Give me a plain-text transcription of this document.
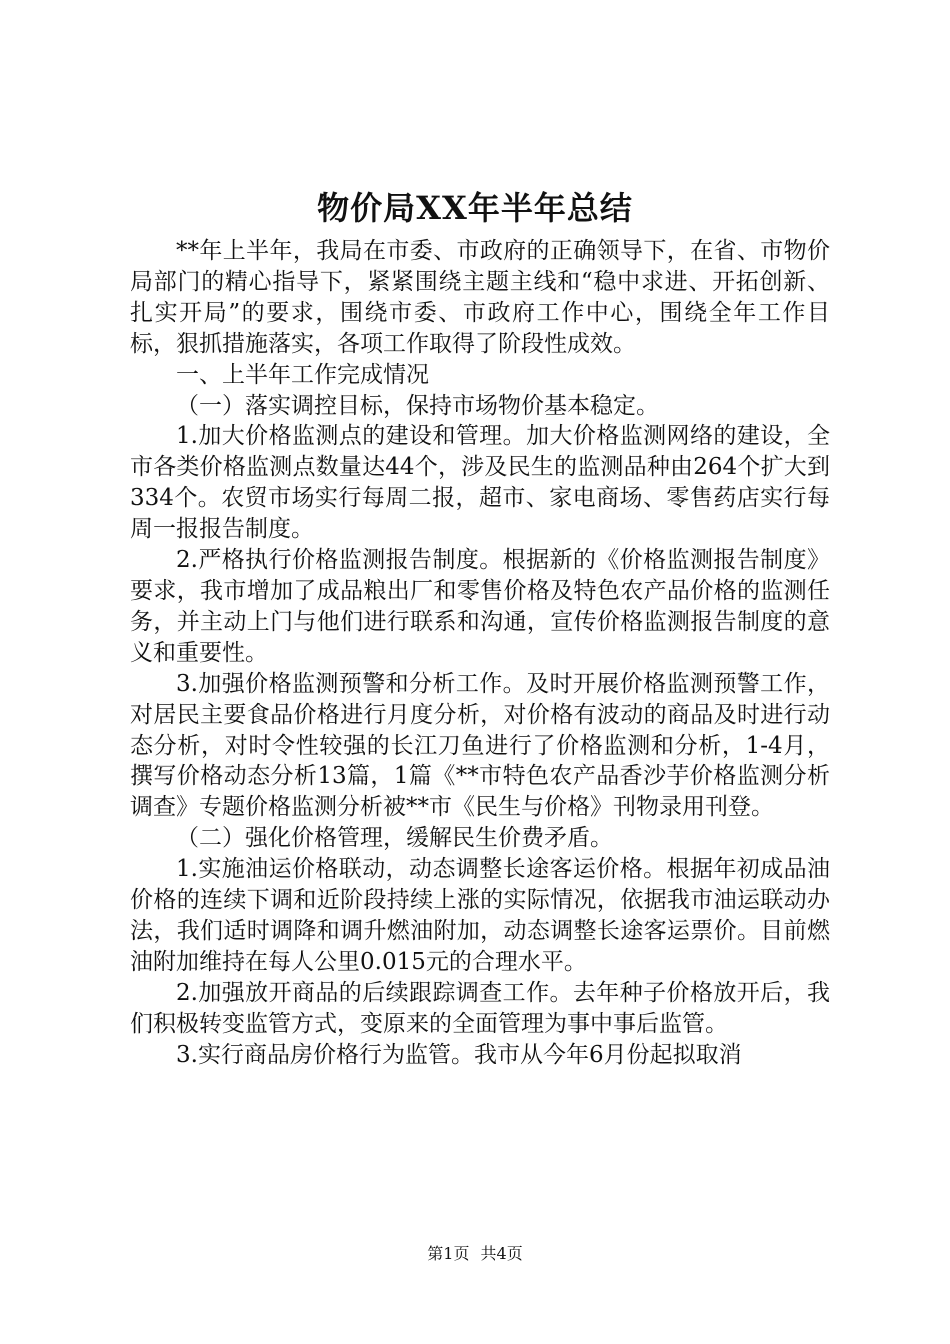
物价局XX年半年总结

**年上半年，我局在市委、市政府的正确领导下，在省、市物价局部门的精心指导下，紧紧围绕主题主线和“稳中求进、开拓创新、扎实开局”的要求，围绕市委、市政府工作中心，围绕全年工作目标，狠抓措施落实，各项工作取得了阶段性成效。

一、上半年工作完成情况

（一）落实调控目标，保持市场物价基本稳定。

1.加大价格监测点的建设和管理。加大价格监测网络的建设，全市各类价格监测点数量达44个，涉及民生的监测品种由264个扩大到334个。农贸市场实行每周二报，超市、家电商场、零售药店实行每周一报报告制度。

2.严格执行价格监测报告制度。根据新的《价格监测报告制度》要求，我市增加了成品粮出厂和零售价格及特色农产品价格的监测任务，并主动上门与他们进行联系和沟通，宣传价格监测报告制度的意义和重要性。

3.加强价格监测预警和分析工作。及时开展价格监测预警工作，对居民主要食品价格进行月度分析，对价格有波动的商品及时进行动态分析，对时令性较强的长江刀鱼进行了价格监测和分析，1-4月，撰写价格动态分析13篇，1篇《**市特色农产品香沙芋价格监测分析调查》专题价格监测分析被**市《民生与价格》刊物录用刊登。

（二）强化价格管理，缓解民生价费矛盾。

1.实施油运价格联动，动态调整长途客运价格。根据年初成品油价格的连续下调和近阶段持续上涨的实际情况，依据我市油运联动办法，我们适时调降和调升燃油附加，动态调整长途客运票价。目前燃油附加维持在每人公里0.015元的合理水平。

2.加强放开商品的后续跟踪调查工作。去年种子价格放开后，我们积极转变监管方式，变原来的全面管理为事中事后监管。

3.实行商品房价格行为监管。我市从今年6月份起拟取消

第1页 共4页
